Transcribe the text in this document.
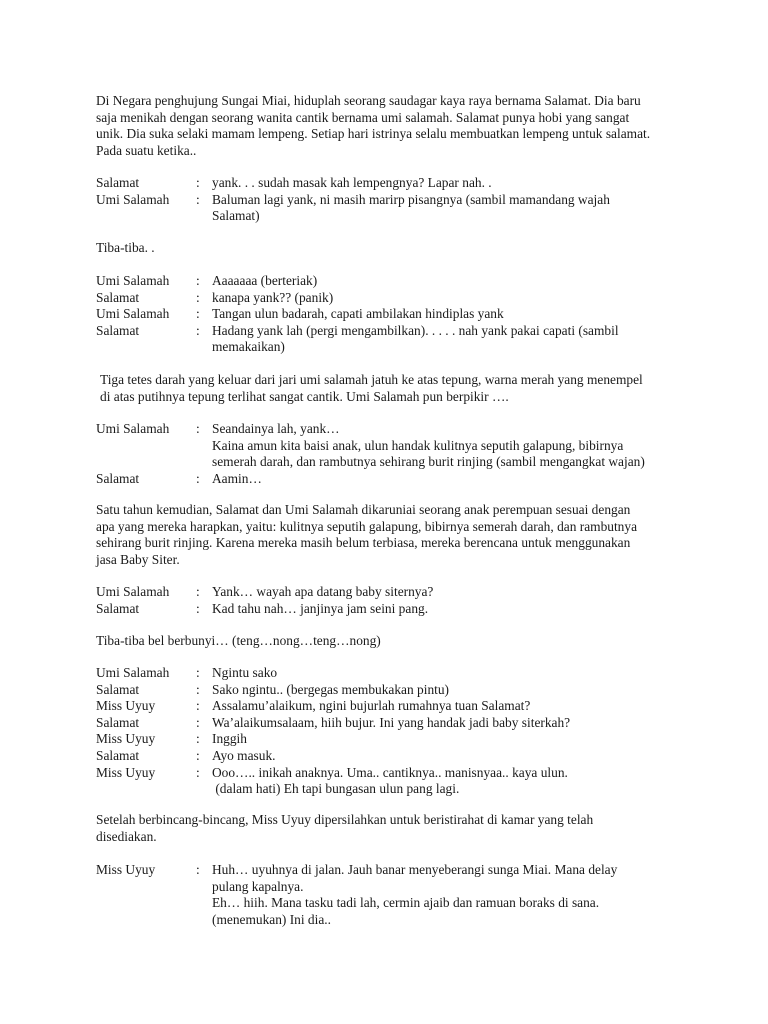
Di Negara penghujung Sungai Miai, hiduplah seorang saudagar kaya raya bernama Salamat. Dia baru
saja menikah dengan seorang wanita cantik bernama umi salamah. Salamat punya hobi yang sangat
unik. Dia suka selaki mamam lempeng. Setiap hari istrinya selalu membuatkan lempeng untuk salamat.
Pada suatu ketika..
Salamat	: yank. . . sudah masak kah lempengnya? Lapar nah. .
Umi Salamah : Baluman lagi yank, ni masih marirp pisangnya (sambil mamandang wajah
Salamat)
Tiba-tiba. .
Umi Salamah : Aaaaaaa (berteriak)
Salamat	: kanapa yank?? (panik)
Umi Salamah : Tangan ulun badarah, capati ambilakan hindiplas yank
Salamat	: Hadang yank lah (pergi mengambilkan). . . . . nah yank pakai capati (sambil
memakaikan)
Tiga tetes darah yang keluar dari jari umi salamah jatuh ke atas tepung, warna merah yang menempel
di atas putihnya tepung terlihat sangat cantik. Umi Salamah pun berpikir ….
Umi Salamah : Seandainya lah, yank…
Kaina amun kita baisi anak, ulun handak kulitnya seputih galapung, bibirnya
semerah darah, dan rambutnya sehirang burit rinjing (sambil mengangkat wajan)
Salamat	: Aamin…
Satu tahun kemudian, Salamat dan Umi Salamah dikaruniai seorang anak perempuan sesuai dengan
apa yang mereka harapkan, yaitu: kulitnya seputih galapung, bibirnya semerah darah, dan rambutnya
sehirang burit rinjing. Karena mereka masih belum terbiasa, mereka berencana untuk menggunakan
jasa Baby Siter.
Umi Salamah : Yank… wayah apa datang baby siternya?
Salamat	: Kad tahu nah… janjinya jam seini pang.
Tiba-tiba bel berbunyi… (teng…nong…teng…nong)
Umi Salamah : Ngintu sako
Salamat	: Sako ngintu.. (bergegas membukakan pintu)
Miss Uyuy	: Assalamu’alaikum, ngini bujurlah rumahnya tuan Salamat?
Salamat	: Wa’alaikumsalaam, hiih bujur. Ini yang handak jadi baby siterkah?
Miss Uyuy	: Inggih
Salamat	: Ayo masuk.
Miss Uyuy	: Ooo….. inikah anaknya. Uma.. cantiknya.. manisnyaa.. kaya ulun.
(dalam hati) Eh tapi bungasan ulun pang lagi.
Setelah berbincang-bincang, Miss Uyuy dipersilahkan untuk beristirahat di kamar yang telah
disediakan.
Miss Uyuy	: Huh… uyuhnya di jalan. Jauh banar menyeberangi sunga Miai. Mana delay
pulang kapalnya.
Eh… hiih. Mana tasku tadi lah, cermin ajaib dan ramuan boraks di sana.
(menemukan) Ini dia..
